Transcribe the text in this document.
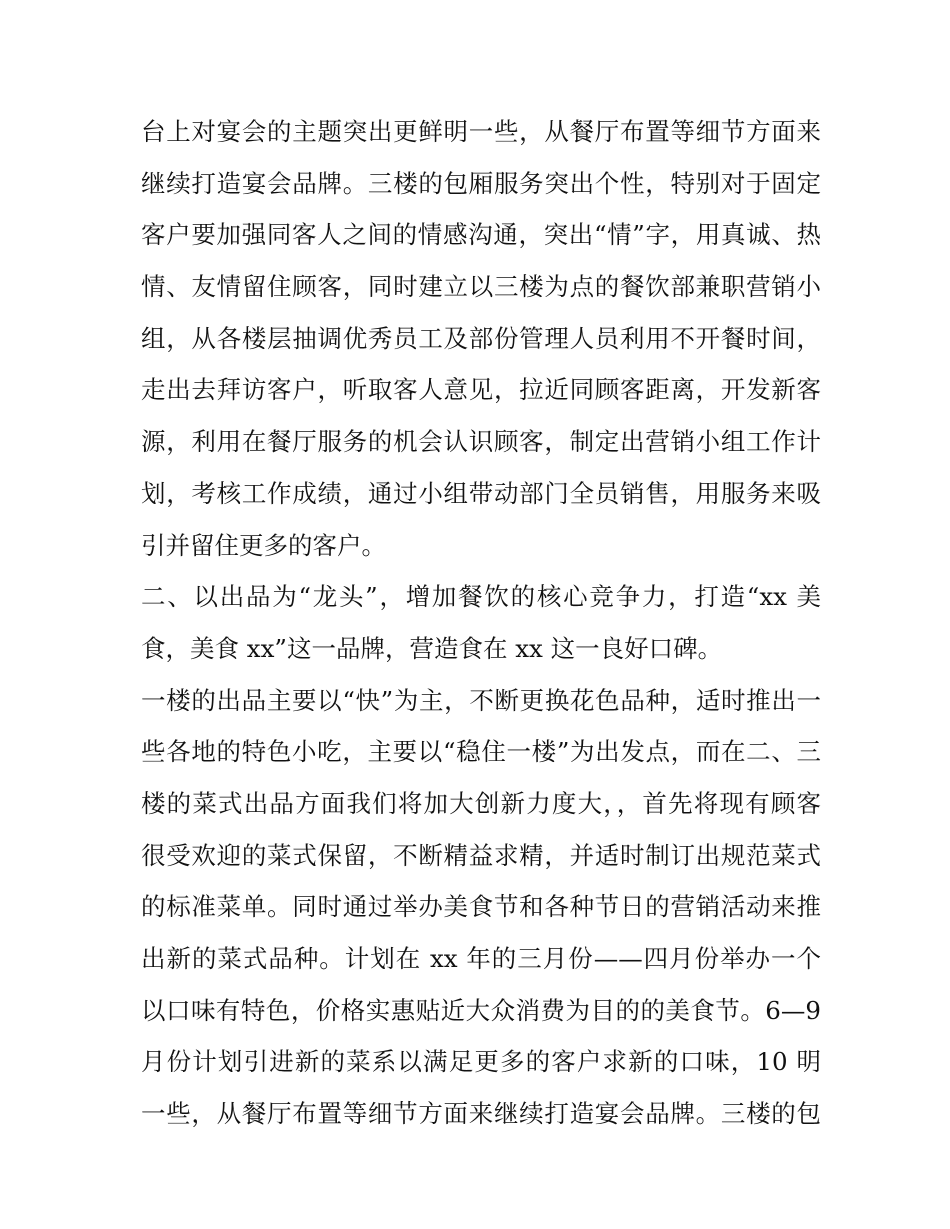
台上对宴会的主题突出更鲜明一些，从餐厅布置等细节方面来
继续打造宴会品牌。三楼的包厢服务突出个性，特别对于固定
客户要加强同客人之间的情感沟通，突出“情”字，用真诚、热
情、友情留住顾客，同时建立以三楼为点的餐饮部兼职营销小
组，从各楼层抽调优秀员工及部份管理人员利用不开餐时间，
走出去拜访客户，听取客人意见，拉近同顾客距离，开发新客
源，利用在餐厅服务的机会认识顾客，制定出营销小组工作计
划，考核工作成绩，通过小组带动部门全员销售，用服务来吸
引并留住更多的客户。
二、以出品为“龙头”，增加餐饮的核心竞争力，打造“xx 美
食，美食 xx”这一品牌，营造食在 xx 这一良好口碑。
一楼的出品主要以“快”为主，不断更换花色品种，适时推出一
些各地的特色小吃，主要以“稳住一楼”为出发点，而在二、三
楼的菜式出品方面我们将加大创新力度大，，首先将现有顾客
很受欢迎的菜式保留，不断精益求精，并适时制订出规范菜式
的标准菜单。同时通过举办美食节和各种节日的营销活动来推
出新的菜式品种。计划在 xx 年的三月份——四月份举办一个
以口味有特色，价格实惠贴近大众消费为目的的美食节。6—9
月份计划引进新的菜系以满足更多的客户求新的口味，10 明
一些，从餐厅布置等细节方面来继续打造宴会品牌。三楼的包
